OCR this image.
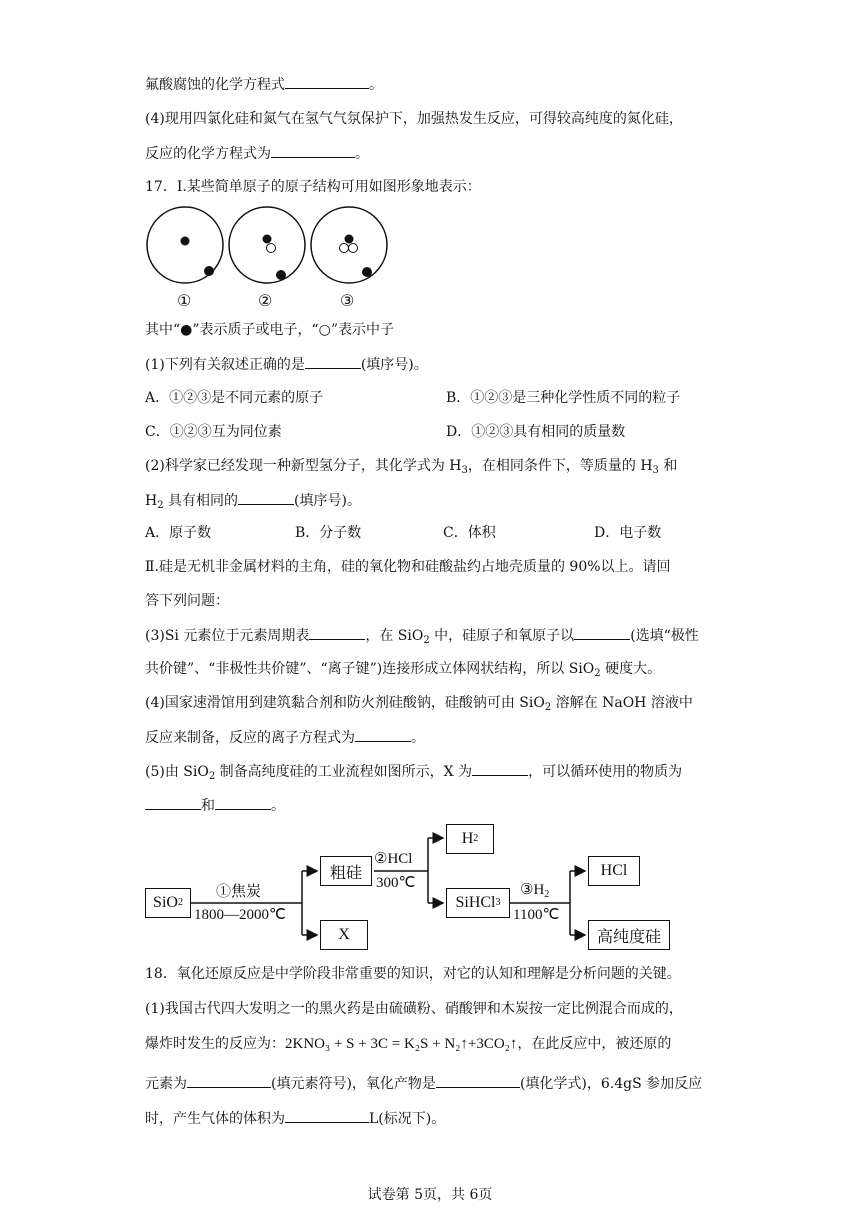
氟酸腐蚀的化学方程式	。
(4)现用四氯化硅和氮气在氢气气氛保护下，加强热发生反应，可得较高纯度的氮化硅，
反应的化学方程式为	。
17．Ⅰ.某些简单原子的原子结构可用如图形象地表示：
①	②	③
其中“●”表示质子或电子，“○”表示中子
(1)下列有关叙述正确的是	(填序号)。
A．①②③是不同元素的原子	B．①②③是三种化学性质不同的粒子
C．①②③互为同位素	D．①②③具有相同的质量数
(2)科学家已经发现一种新型氢分子，其化学式为 $H_3$，在相同条件下，等质量的 $H_3$ 和
$H_2$ 具有相同的	(填序号)。
A．原子数	B．分子数	C．体积	D．电子数
Ⅱ.硅是无机非金属材料的主角，硅的氧化物和硅酸盐约占地壳质量的 90%以上。请回
答下列问题：
(3)Si 元素位于元素周期表	，在 SiO$_2$ 中，硅原子和氧原子以	(选填“极性
共价键”、“非极性共价键”、“离子键”)连接形成立体网状结构，所以 SiO$_2$ 硬度大。
(4)国家速滑馆用到建筑黏合剂和防火剂硅酸钠，硅酸钠可由 SiO$_2$ 溶解在 NaOH 溶液中
反应来制备，反应的离子方程式为	。
(5)由 SiO$_2$ 制备高纯度硅的工业流程如图所示，X 为	，可以循环使用的物质为
和	。
SiO 2
①焦炭
1800—2000℃
粗硅
X
②HCl
300℃
H 2
SiHCl 3
$③H_2$
1100℃
HCl
高纯度硅
18．氧化还原反应是中学阶段非常重要的知识，对它的认知和理解是分析问题的关键。
(1)我国古代四大发明之一的黑火药是由硫磺粉、硝酸钾和木炭按一定比例混合而成的，
爆炸时发生的反应为：2KNO₃ + S + 3C = K₂S + N₂↑+3CO₂↑，在此反应中，被还原的
元素为	(填元素符号)，氧化产物是	(填化学式)，6.4gS 参加反应
时，产生气体的体积为	L(标况下)。
试卷第 5页，共 6页
